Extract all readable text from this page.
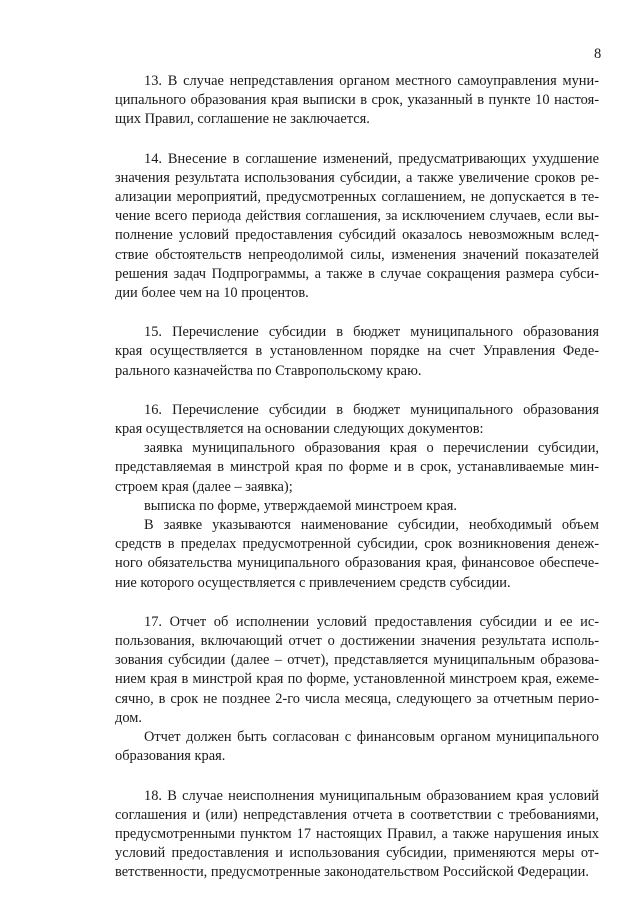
8
13. В случае непредставления органом местного самоуправления муни-
ципального образования края выписки в срок, указанный в пункте 10 настоя-
щих Правил, соглашение не заключается.
14. Внесение в соглашение изменений, предусматривающих ухудшение
значения результата использования субсидии, а также увеличение сроков ре-
ализации мероприятий, предусмотренных соглашением, не допускается в те-
чение всего периода действия соглашения, за исключением случаев, если вы-
полнение условий предоставления субсидий оказалось невозможным вслед-
ствие обстоятельств непреодолимой силы, изменения значений показателей
решения задач Подпрограммы, а также в случае сокращения размера субси-
дии более чем на 10 процентов.
15. Перечисление субсидии в бюджет муниципального образования
края осуществляется в установленном порядке на счет Управления Феде-
рального казначейства по Ставропольскому краю.
16. Перечисление субсидии в бюджет муниципального образования
края осуществляется на основании следующих документов:
заявка муниципального образования края о перечислении субсидии,
представляемая в минстрой края по форме и в срок, устанавливаемые мин-
строем края (далее – заявка);
выписка по форме, утверждаемой минстроем края.
В заявке указываются наименование субсидии, необходимый объем
средств в пределах предусмотренной субсидии, срок возникновения денеж-
ного обязательства муниципального образования края, финансовое обеспече-
ние которого осуществляется с привлечением средств субсидии.
17. Отчет об исполнении условий предоставления субсидии и ее ис-
пользования, включающий отчет о достижении значения результата исполь-
зования субсидии (далее – отчет), представляется муниципальным образова-
нием края в минстрой края по форме, установленной минстроем края, ежеме-
сячно, в срок не позднее 2-го числа месяца, следующего за отчетным перио-
дом.
Отчет должен быть согласован с финансовым органом муниципального
образования края.
18. В случае неисполнения муниципальным образованием края условий
соглашения и (или) непредставления отчета в соответствии с требованиями,
предусмотренными пунктом 17 настоящих Правил, а также нарушения иных
условий предоставления и использования субсидии, применяются меры от-
ветственности, предусмотренные законодательством Российской Федерации.
